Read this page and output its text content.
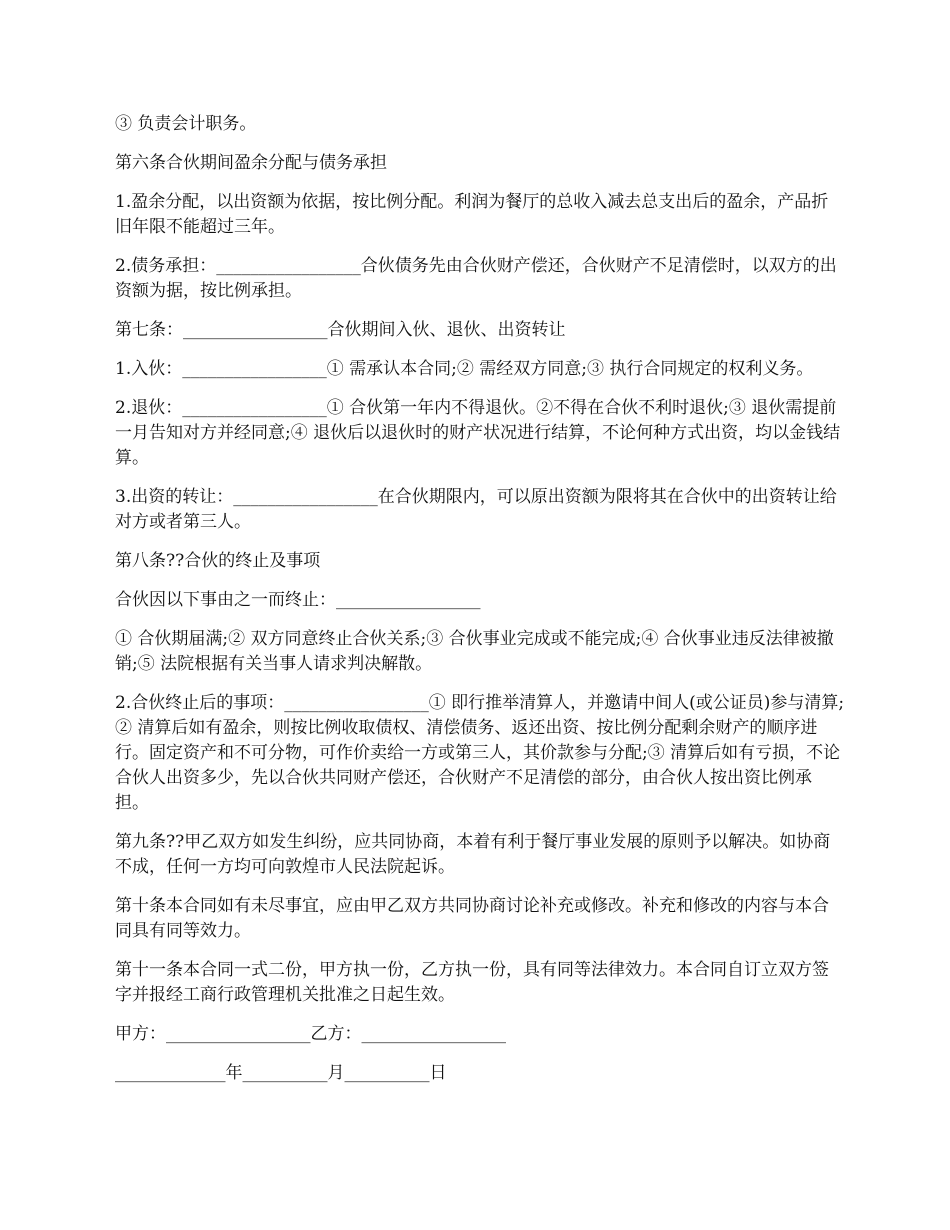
③ 负责会计职务。

第六条合伙期间盈余分配与债务承担

1.盈余分配，以出资额为依据，按比例分配。利润为餐厅的总收入减去总支出后的盈余，产品折旧年限不能超过三年。

2.债务承担：_________________合伙债务先由合伙财产偿还，合伙财产不足清偿时，以双方的出资额为据，按比例承担。

第七条：_________________合伙期间入伙、退伙、出资转让

1.入伙：_________________① 需承认本合同;② 需经双方同意;③ 执行合同规定的权利义务。

2.退伙：_________________① 合伙第一年内不得退伙。②不得在合伙不利时退伙;③ 退伙需提前一月告知对方并经同意;④ 退伙后以退伙时的财产状况进行结算，不论何种方式出资，均以金钱结算。

3.出资的转让：_________________在合伙期限内，可以原出资额为限将其在合伙中的出资转让给对方或者第三人。

第八条??合伙的终止及事项

合伙因以下事由之一而终止：_________________

① 合伙期届满;② 双方同意终止合伙关系;③ 合伙事业完成或不能完成;④ 合伙事业违反法律被撤销;⑤ 法院根据有关当事人请求判决解散。

2.合伙终止后的事项：_________________① 即行推举清算人，并邀请中间人(或公证员)参与清算;② 清算后如有盈余，则按比例收取债权、清偿债务、返还出资、按比例分配剩余财产的顺序进行。固定资产和不可分物，可作价卖给一方或第三人，其价款参与分配;③ 清算后如有亏损，不论合伙人出资多少，先以合伙共同财产偿还，合伙财产不足清偿的部分，由合伙人按出资比例承担。

第九条??甲乙双方如发生纠纷，应共同协商，本着有利于餐厅事业发展的原则予以解决。如协商不成，任何一方均可向敦煌市人民法院起诉。

第十条本合同如有未尽事宜，应由甲乙双方共同协商讨论补充或修改。补充和修改的内容与本合同具有同等效力。

第十一条本合同一式二份，甲方执一份，乙方执一份，具有同等法律效力。本合同自订立双方签字并报经工商行政管理机关批准之日起生效。

甲方：_________________乙方：_________________

_____________年__________月__________日
